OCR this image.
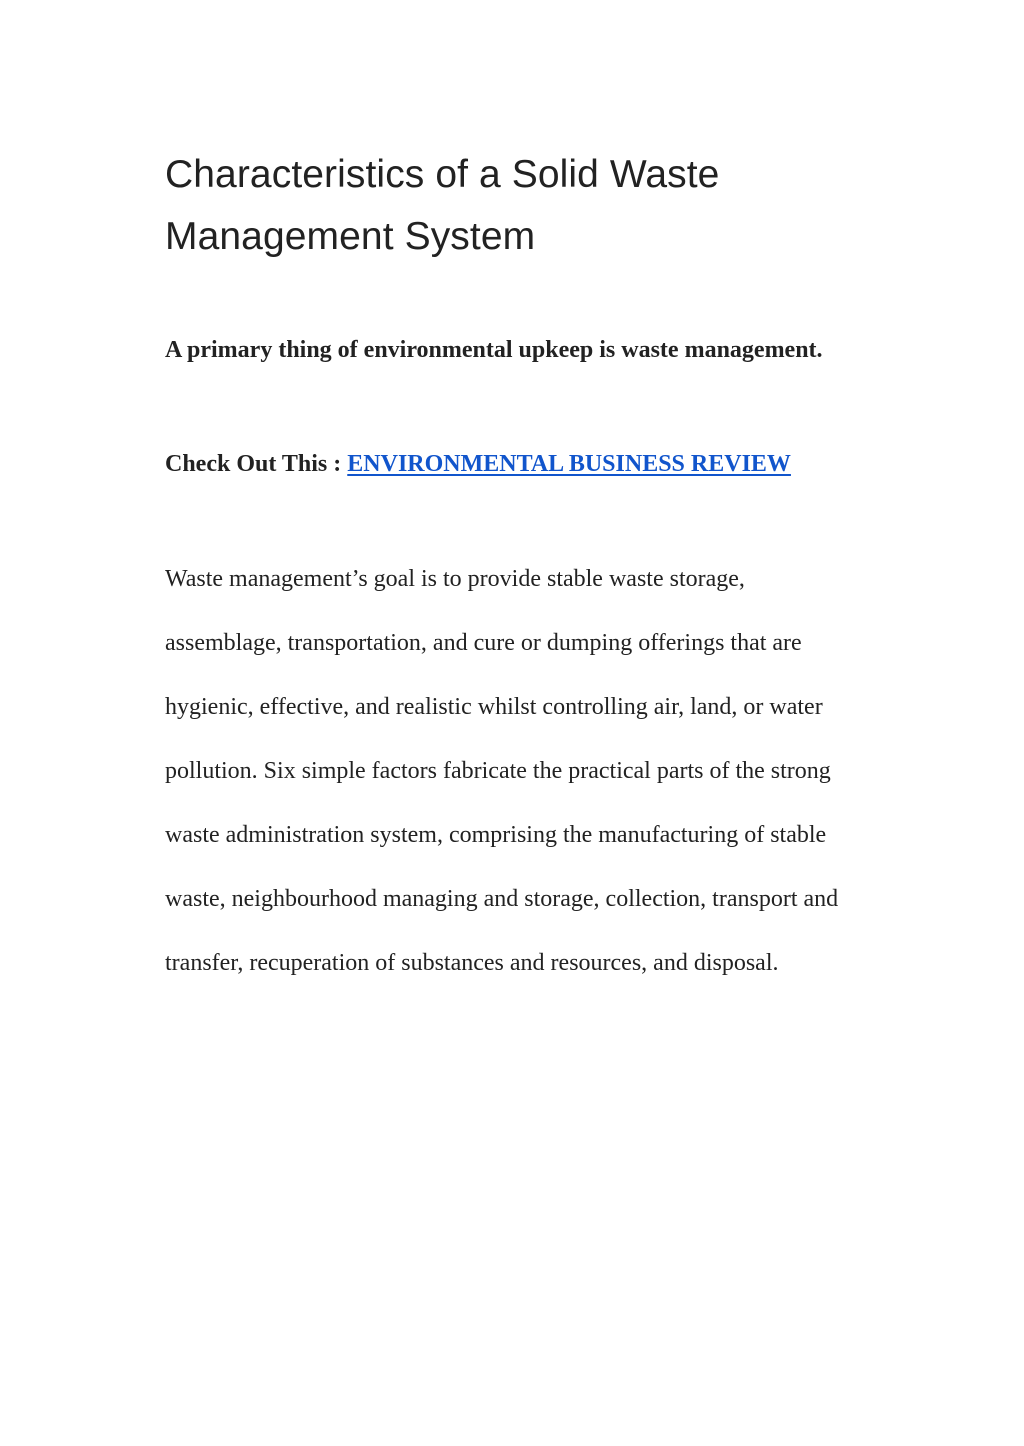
Characteristics of a Solid Waste Management System

A primary thing of environmental upkeep is waste management.

Check Out This : ENVIRONMENTAL BUSINESS REVIEW

Waste management’s goal is to provide stable waste storage, assemblage, transportation, and cure or dumping offerings that are hygienic, effective, and realistic whilst controlling air, land, or water pollution. Six simple factors fabricate the practical parts of the strong waste administration system, comprising the manufacturing of stable waste, neighbourhood managing and storage, collection, transport and transfer, recuperation of substances and resources, and disposal.
